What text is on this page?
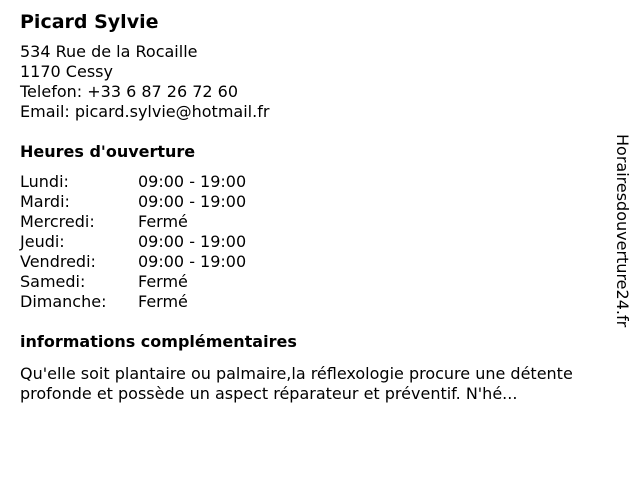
Picard Sylvie
534 Rue de la Rocaille
1170 Cessy
Telefon: +33 6 87 26 72 60
Email: picard.sylvie@hotmail.fr
Heures d'ouverture
Lundi:	09:00 - 19:00
Mardi:	09:00 - 19:00
Mercredi:	Fermé
Jeudi:	09:00 - 19:00
Vendredi:	09:00 - 19:00
Samedi:	Fermé
Dimanche:	Fermé
informations complémentaires
Qu'elle soit plantaire ou palmaire,la réflexologie procure une détente profonde et possède un aspect réparateur et préventif. N'hé...
Horairesdouverture24.fr
